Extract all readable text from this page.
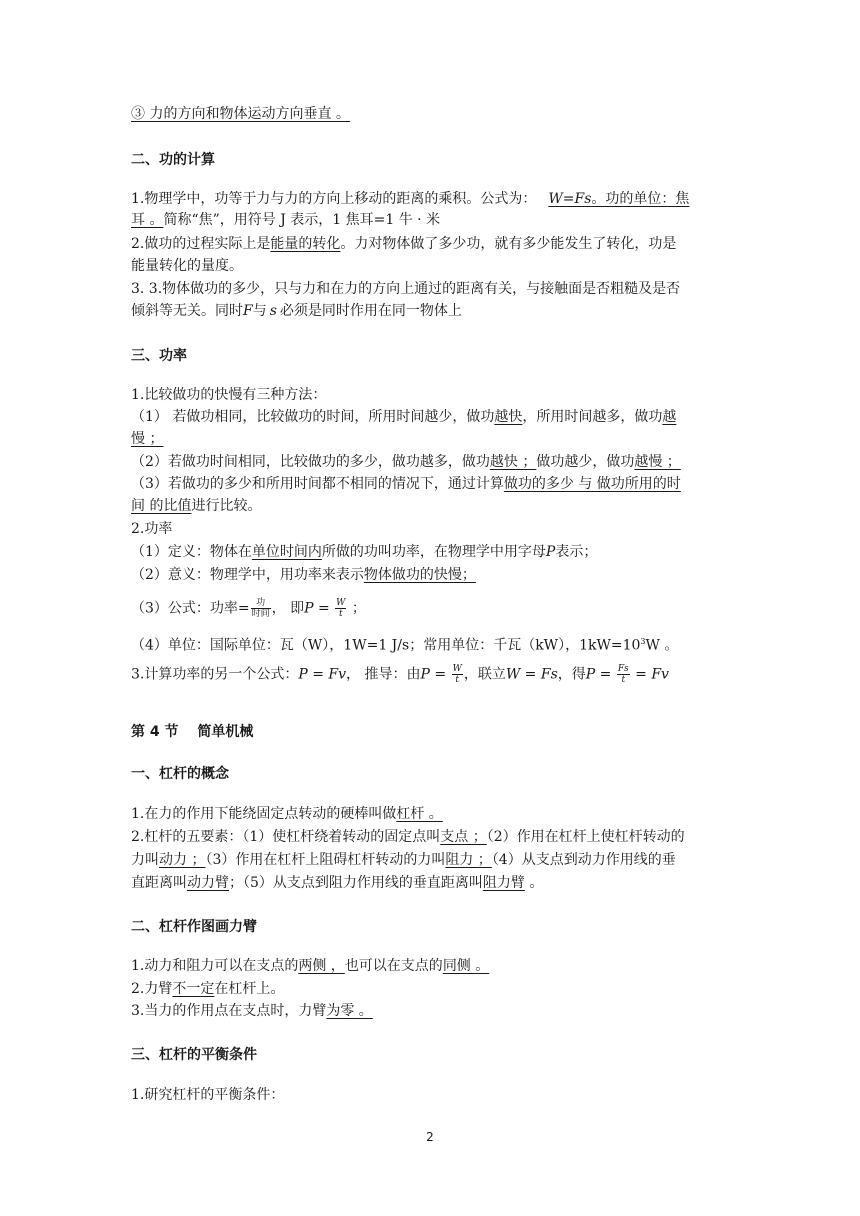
③ 力的方向和物体运动方向垂直 。
二、功的计算
1.物理学中，功等于力与力的方向上移动的距离的乘积。公式为： W=Fs。功的单位：焦
耳 。简称“焦”，用符号 J 表示，1 焦耳=1 牛 · 米
2.做功的过程实际上是能量的转化。力对物体做了多少功，就有多少能发生了转化，功是
能量转化的量度。
3. 3.物体做功的多少，只与力和在力的方向上通过的距离有关，与接触面是否粗糙及是否
倾斜等无关。同时F与 s 必须是同时作用在同一物体上
三、功率
1.比较做功的快慢有三种方法：
（1） 若做功相同，比较做功的时间，所用时间越少，做功越快，所用时间越多，做功越
慢 ；
（2）若做功时间相同，比较做功的多少，做功越多，做功越快 ；做功越少，做功越慢 ；
（3）若做功的多少和所用时间都不相同的情况下，通过计算做功的多少 与 做功所用的时
间 的比值进行比较。
2.功率
（1）定义：物体在单位时间内所做的功叫功率，在物理学中用字母P表示；
（2）意义：物理学中，用功率来表示物体做功的快慢；
（3）公式：功率= $\frac{\text{功}}{\text{时间}}$ ， 即$P = \frac{W}{t}$ ；
（4）单位：国际单位：瓦（W），1W=1 J/s；常用单位：千瓦（kW），$1kW=10^3W$ 。
3.计算功率的另一个公式：P = Fv， 推导：由$P = \frac{W}{t}$ ，联立W = Fs，得$P = \frac{Fs}{t} = Fv$
第 4 节　 简单机械
一、杠杆的概念
1.在力的作用下能绕固定点转动的硬棒叫做杠杆 。
2.杠杆的五要素：（1）使杠杆绕着转动的固定点叫支点 ；（2）作用在杠杆上使杠杆转动的
力叫动力 ；（3）作用在杠杆上阻碍杠杆转动的力叫阻力 ；（4）从支点到动力作用线的垂
直距离叫动力臂；（5）从支点到阻力作用线的垂直距离叫阻力臂 。
二、杠杆作图画力臂
1.动力和阻力可以在支点的两侧 ，也可以在支点的同侧 。
2.力臂不一定在杠杆上。
3.当力的作用点在支点时，力臂为零 。
三、杠杆的平衡条件
1.研究杠杆的平衡条件：
2
